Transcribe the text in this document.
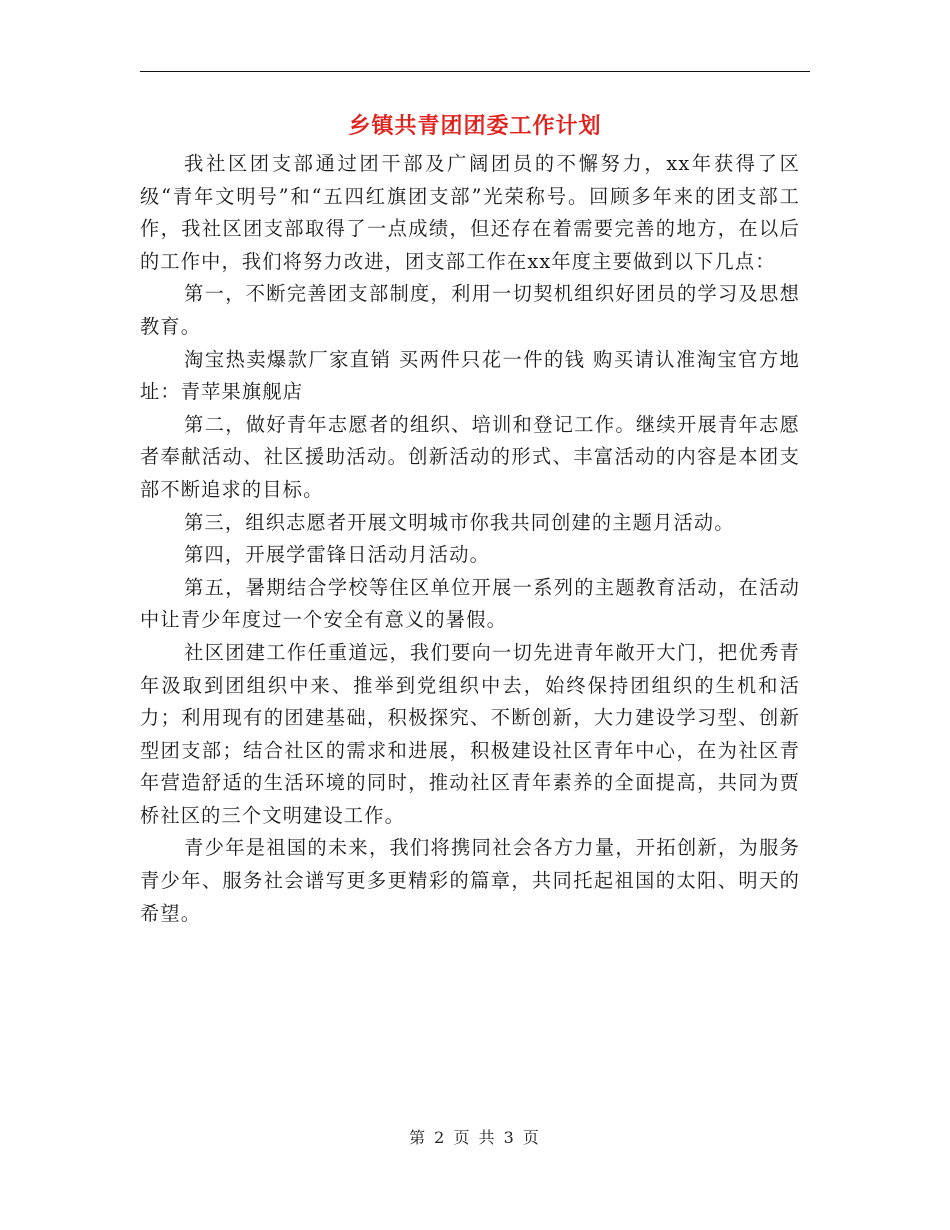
乡镇共青团团委工作计划

我社区团支部通过团干部及广阔团员的不懈努力，xx年获得了区级“青年文明号”和“五四红旗团支部”光荣称号。回顾多年来的团支部工作，我社区团支部取得了一点成绩，但还存在着需要完善的地方，在以后的工作中，我们将努力改进，团支部工作在xx年度主要做到以下几点：

第一，不断完善团支部制度，利用一切契机组织好团员的学习及思想教育。

淘宝热卖爆款厂家直销 买两件只花一件的钱 购买请认准淘宝官方地址：青苹果旗舰店

第二，做好青年志愿者的组织、培训和登记工作。继续开展青年志愿者奉献活动、社区援助活动。创新活动的形式、丰富活动的内容是本团支部不断追求的目标。

第三，组织志愿者开展文明城市你我共同创建的主题月活动。

第四，开展学雷锋日活动月活动。

第五，暑期结合学校等住区单位开展一系列的主题教育活动，在活动中让青少年度过一个安全有意义的暑假。

社区团建工作任重道远，我们要向一切先进青年敞开大门，把优秀青年汲取到团组织中来、推举到党组织中去，始终保持团组织的生机和活力；利用现有的团建基础，积极探究、不断创新，大力建设学习型、创新型团支部；结合社区的需求和进展，积极建设社区青年中心，在为社区青年营造舒适的生活环境的同时，推动社区青年素养的全面提高，共同为贾桥社区的三个文明建设工作。

青少年是祖国的未来，我们将携同社会各方力量，开拓创新，为服务青少年、服务社会谱写更多更精彩的篇章，共同托起祖国的太阳、明天的希望。

第 2 页 共 3 页
